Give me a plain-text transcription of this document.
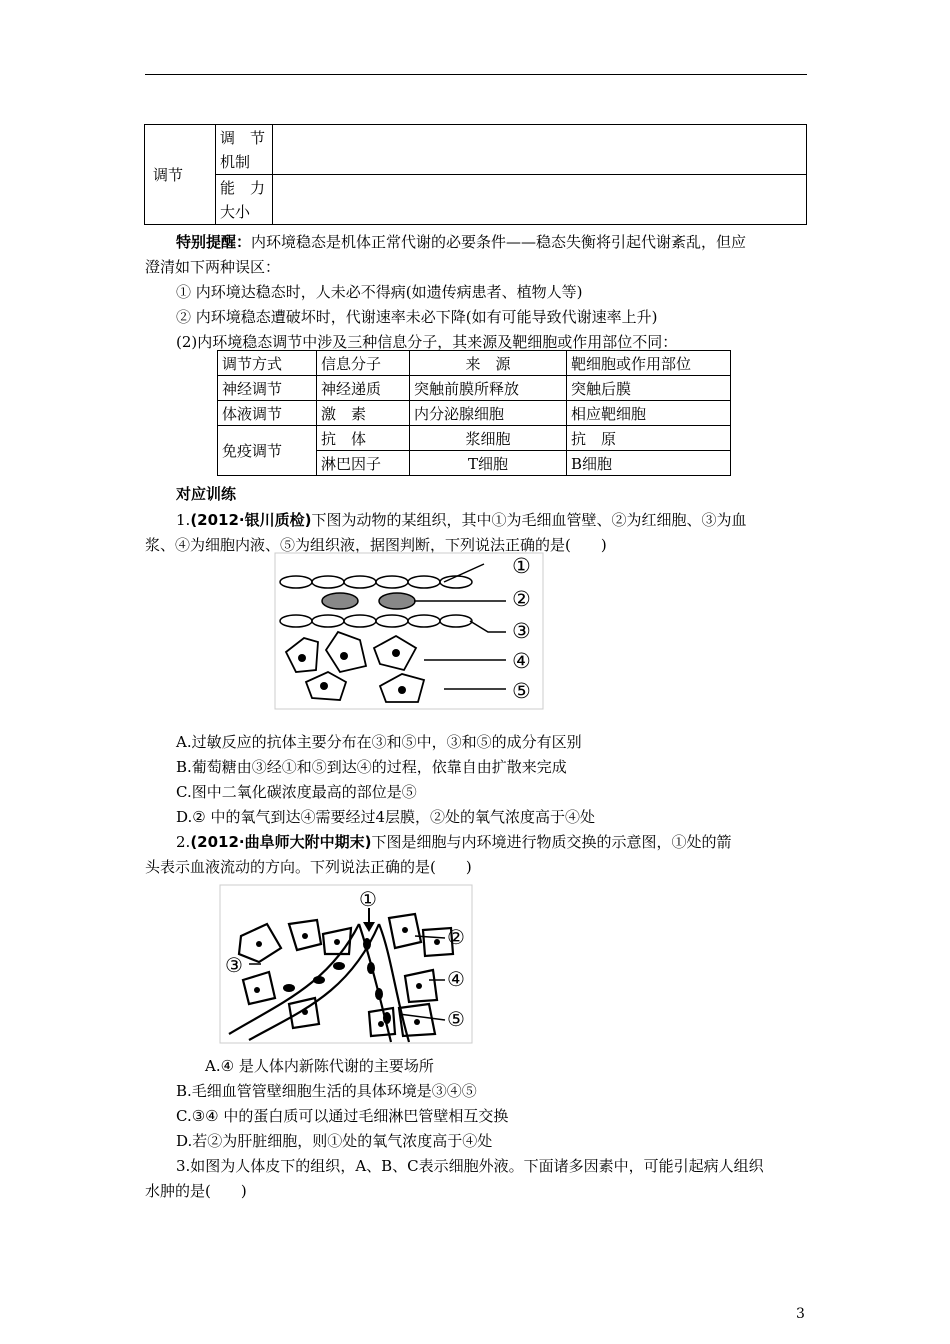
调节	调　节
机制	

	能　力
大小	

特别提醒：内环境稳态是机体正常代谢的必要条件——稳态失衡将引起代谢紊乱，但应
澄清如下两种误区：
① 内环境达稳态时，人未必不得病(如遗传病患者、植物人等)
② 内环境稳态遭破坏时，代谢速率未必下降(如有可能导致代谢速率上升)
(2)内环境稳态调节中涉及三种信息分子，其来源及靶细胞或作用部位不同：
调节方式	信息分子	来　源	靶细胞或作用部位
神经调节	神经递质	突触前膜所释放	突触后膜
体液调节	激　素	内分泌腺细胞	相应靶细胞
免疫调节	抗　体	浆细胞	抗　原
	淋巴因子	T细胞	B细胞
对应训练
1.(2012·银川质检)下图为动物的某组织，其中①为毛细血管壁、②为红细胞、③为血
浆、④为细胞内液、⑤为组织液，据图判断，下列说法正确的是(　　)
①
②
③
④
⑤
A.过敏反应的抗体主要分布在③和⑤中，③和⑤的成分有区别
B.葡萄糖由③经①和⑤到达④的过程，依靠自由扩散来完成
C.图中二氧化碳浓度最高的部位是⑤
D.② 中的氧气到达④需要经过4层膜，②处的氧气浓度高于④处
2.(2012·曲阜师大附中期末)下图是细胞与内环境进行物质交换的示意图，①处的箭
头表示血液流动的方向。下列说法正确的是(　　)
①
②
③
④
⑤
A.④ 是人体内新陈代谢的主要场所
B.毛细血管管壁细胞生活的具体环境是③④⑤
C.③④ 中的蛋白质可以通过毛细淋巴管壁相互交换
D.若②为肝脏细胞，则①处的氧气浓度高于④处
3.如图为人体皮下的组织，A、B、C表示细胞外液。下面诸多因素中，可能引起病人组织
水肿的是(　　)
3
